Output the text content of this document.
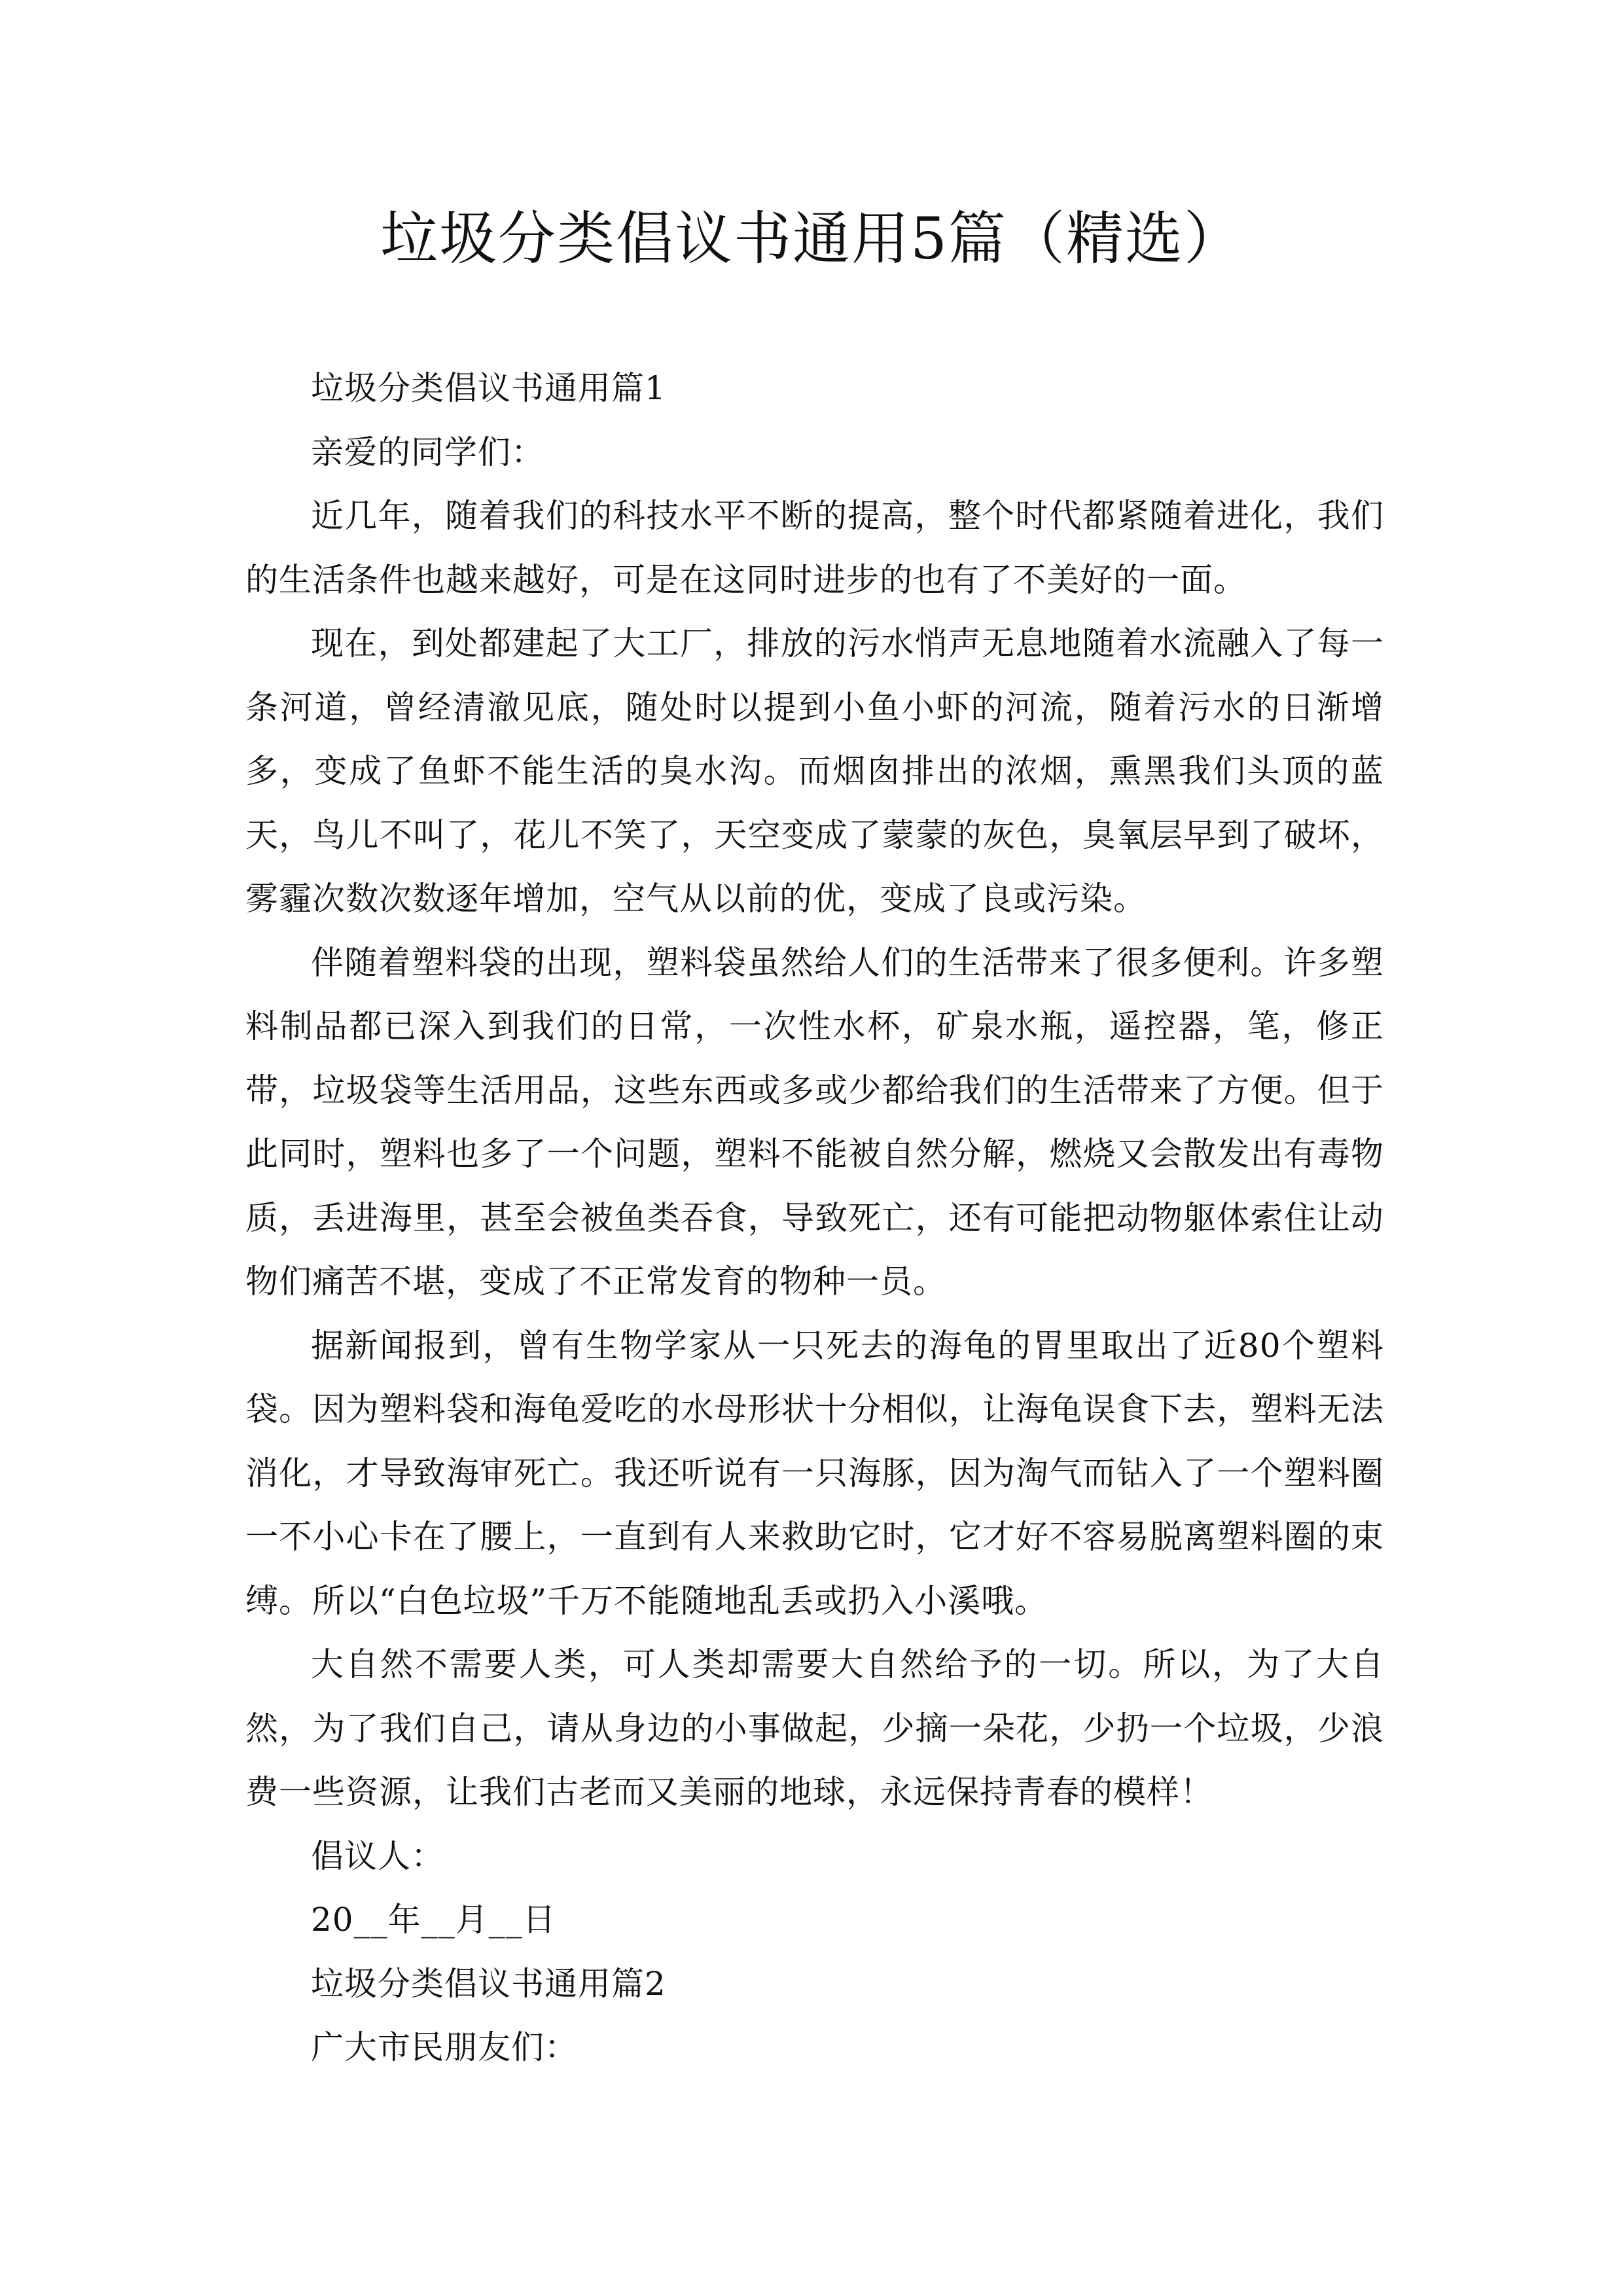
垃圾分类倡议书通用5篇（精选）

垃圾分类倡议书通用篇1

亲爱的同学们：

近几年，随着我们的科技水平不断的提高，整个时代都紧随着进化，我们的生活条件也越来越好，可是在这同时进步的也有了不美好的一面。

现在，到处都建起了大工厂，排放的污水悄声无息地随着水流融入了每一条河道，曾经清澈见底，随处时以提到小鱼小虾的河流，随着污水的日渐增多，变成了鱼虾不能生活的臭水沟。而烟囱排出的浓烟，熏黑我们头顶的蓝天，鸟儿不叫了，花儿不笑了，天空变成了蒙蒙的灰色，臭氧层早到了破坏，雾霾次数次数逐年增加，空气从以前的优，变成了良或污染。

伴随着塑料袋的出现，塑料袋虽然给人们的生活带来了很多便利。许多塑料制品都已深入到我们的日常，一次性水杯，矿泉水瓶，遥控器，笔，修正带，垃圾袋等生活用品，这些东西或多或少都给我们的生活带来了方便。但于此同时，塑料也多了一个问题，塑料不能被自然分解，燃烧又会散发出有毒物质，丢进海里，甚至会被鱼类吞食，导致死亡，还有可能把动物躯体索住让动物们痛苦不堪，变成了不正常发育的物种一员。

据新闻报到，曾有生物学家从一只死去的海龟的胃里取出了近80个塑料袋。因为塑料袋和海龟爱吃的水母形状十分相似，让海龟误食下去，塑料无法消化，才导致海审死亡。我还听说有一只海豚，因为淘气而钻入了一个塑料圈一不小心卡在了腰上，一直到有人来救助它时，它才好不容易脱离塑料圈的束缚。所以“白色垃圾”千万不能随地乱丢或扔入小溪哦。

大自然不需要人类，可人类却需要大自然给予的一切。所以，为了大自然，为了我们自己，请从身边的小事做起，少摘一朵花，少扔一个垃圾，少浪费一些资源，让我们古老而又美丽的地球，永远保持青春的模样！

倡议人：

20__年__月__日

垃圾分类倡议书通用篇2

广大市民朋友们：
